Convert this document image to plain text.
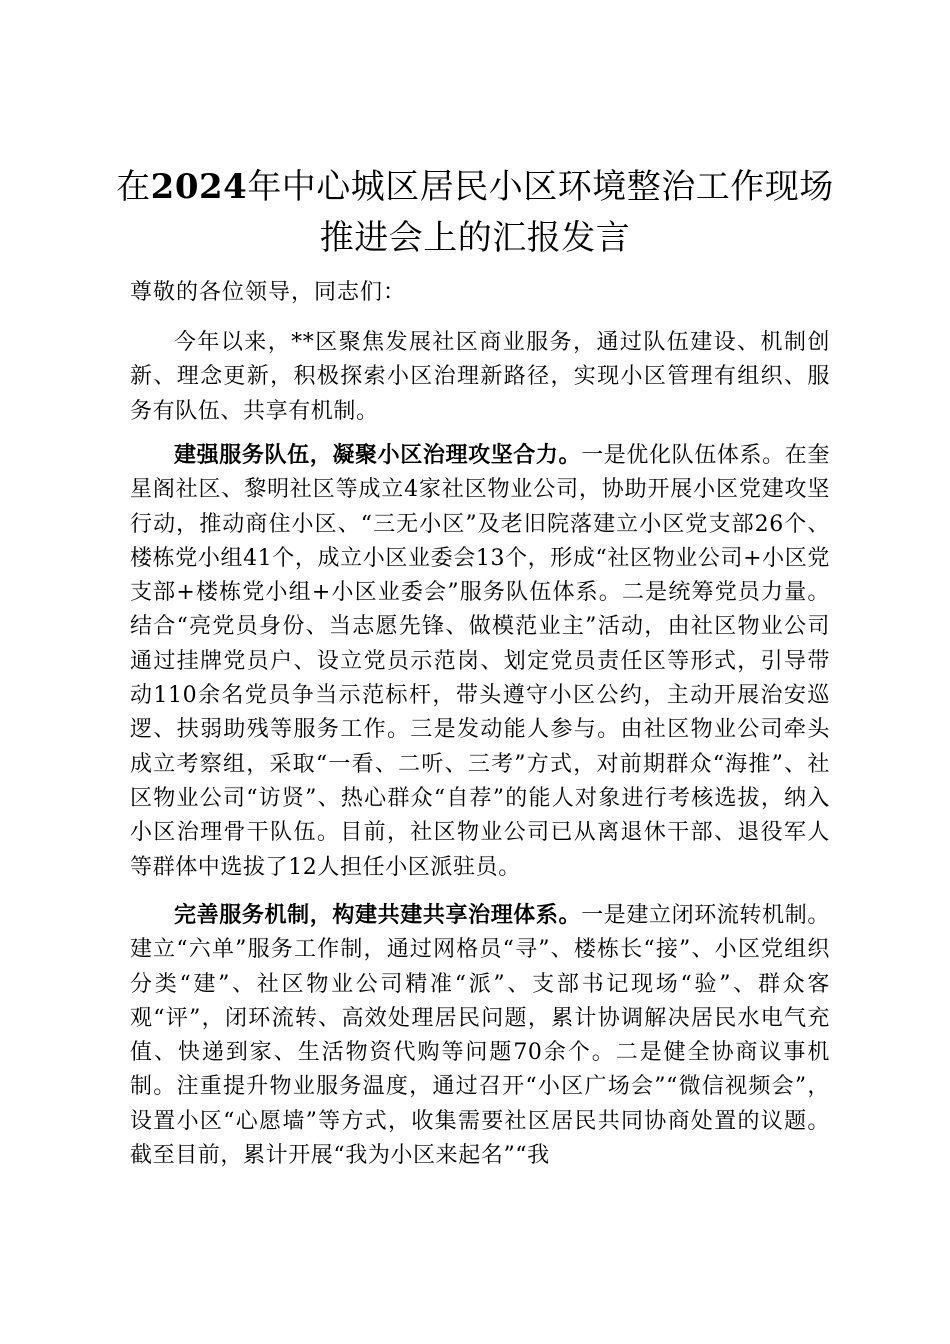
在2024年中心城区居民小区环境整治工作现场推进会上的汇报发言
尊敬的各位领导，同志们：

今年以来，**区聚焦发展社区商业服务，通过队伍建设、机制创新、理念更新，积极探索小区治理新路径，实现小区管理有组织、服务有队伍、共享有机制。

建强服务队伍，凝聚小区治理攻坚合力。一是优化队伍体系。在奎星阁社区、黎明社区等成立4家社区物业公司，协助开展小区党建攻坚行动，推动商住小区、“三无小区”及老旧院落建立小区党支部26个、楼栋党小组41个，成立小区业委会13个，形成“社区物业公司+小区党支部+楼栋党小组+小区业委会”服务队伍体系。二是统筹党员力量。结合“亮党员身份、当志愿先锋、做模范业主”活动，由社区物业公司通过挂牌党员户、设立党员示范岗、划定党员责任区等形式，引导带动110余名党员争当示范标杆，带头遵守小区公约，主动开展治安巡逻、扶弱助残等服务工作。三是发动能人参与。由社区物业公司牵头成立考察组，采取“一看、二听、三考”方式，对前期群众“海推”、社区物业公司“访贤”、热心群众“自荐”的能人对象进行考核选拔，纳入小区治理骨干队伍。目前，社区物业公司已从离退休干部、退役军人等群体中选拔了12人担任小区派驻员。

完善服务机制，构建共建共享治理体系。一是建立闭环流转机制。建立“六单”服务工作制，通过网格员“寻”、楼栋长“接”、小区党组织分类“建”、社区物业公司精准“派”、支部书记现场“验”、群众客观“评”，闭环流转、高效处理居民问题，累计协调解决居民水电气充值、快递到家、生活物资代购等问题70余个。二是健全协商议事机制。注重提升物业服务温度，通过召开“小区广场会”“微信视频会”，设置小区“心愿墙”等方式，收集需要社区居民共同协商处置的议题。截至目前，累计开展“我为小区来起名”“我
